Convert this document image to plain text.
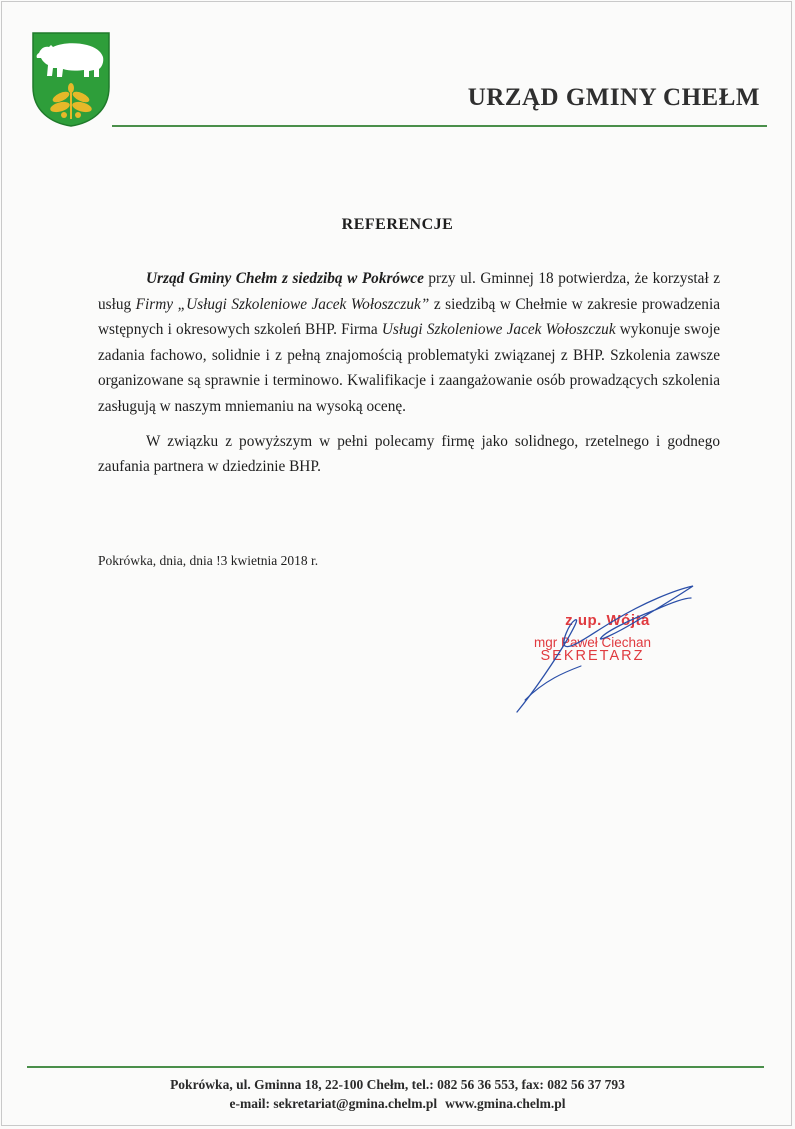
URZĄD GMINY CHEŁM
REFERENCJE

Urząd Gminy Chełm z siedzibą w Pokrówce przy ul. Gminnej 18 potwierdza, że korzystał z usług Firmy „Usługi Szkoleniowe Jacek Wołoszczuk” z siedzibą w Chełmie w zakresie prowadzenia wstępnych i okresowych szkoleń BHP. Firma Usługi Szkoleniowe Jacek Wołoszczuk wykonuje swoje zadania fachowo, solidnie i z pełną znajomością problematyki związanej z BHP. Szkolenia zawsze organizowane są sprawnie i terminowo. Kwalifikacje i zaangażowanie osób prowadzących szkolenia zasługują w naszym mniemaniu na wysoką ocenę.

W związku z powyższym w pełni polecamy firmę jako solidnego, rzetelnego i godnego zaufania partnera w dziedzinie BHP.

Pokrówka, dnia, dnia !3 kwietnia 2018 r.
z up. Wójta
mgr Paweł Ciechan
SEKRETARZ
Pokrówka, ul. Gminna 18, 22-100 Chełm, tel.: 082 56 36 553, fax: 082 56 37 793
e-mail: sekretariat@gmina.chelm.pl www.gmina.chelm.pl
